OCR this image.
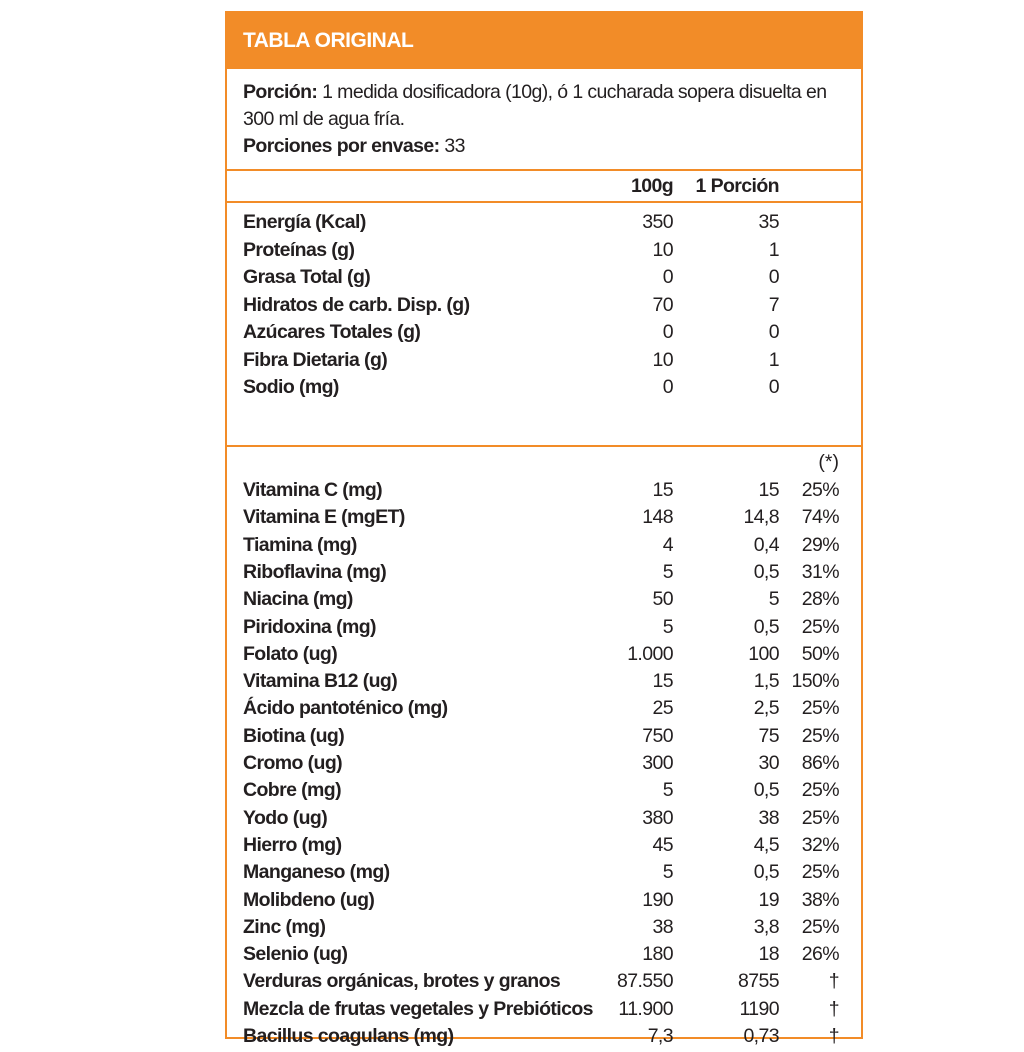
TABLA ORIGINAL
Porción: 1 medida dosificadora (10g), ó 1 cucharada sopera disuelta en 300 ml de agua fría.
Porciones por envase: 33
100g 1 Porción
Energía (Kcal)	350	35
Proteínas (g)	10	1
Grasa Total (g)	0	0
Hidratos de carb. Disp. (g)	70	7
Azúcares Totales (g)	0	0
Fibra Dietaria (g)	10	1
Sodio (mg)	0	0
(*)
Vitamina C (mg)	15	15 25%
Vitamina E (mgET)	148	14,8 74%
Tiamina (mg)	4	0,4 29%
Riboflavina (mg)	5	0,5 31%
Niacina (mg)	50	5 28%
Piridoxina (mg)	5	0,5 25%
Folato (ug)	1.000	100 50%
Vitamina B12 (ug)	15	1,5 150%
Ácido pantoténico (mg)	25	2,5 25%
Biotina (ug)	750	75 25%
Cromo (ug)	300	30 86%
Cobre (mg)	5	0,5 25%
Yodo (ug)	380	38 25%
Hierro (mg)	45	4,5 32%
Manganeso (mg)	5	0,5 25%
Molibdeno (ug)	190	19 38%
Zinc (mg)	38	3,8 25%
Selenio (ug)	180	18 26%
Verduras orgánicas, brotes y granos	87.550	8755	†
Mezcla de frutas vegetales y Prebióticos 11.900	1190	†
Bacillus coagulans (mg)	7,3	0,73	†
